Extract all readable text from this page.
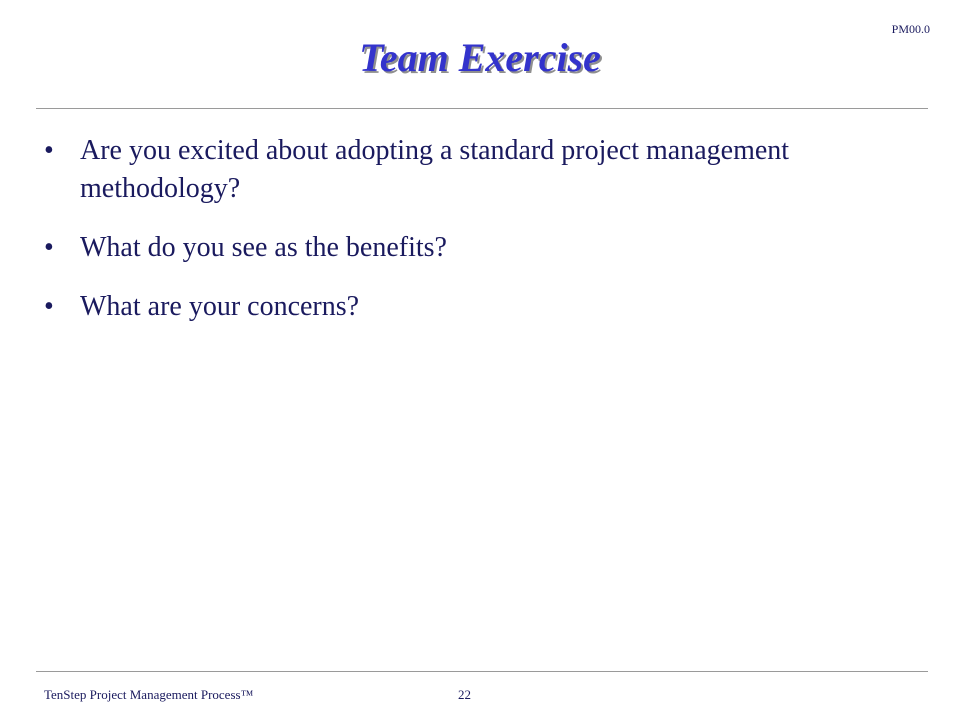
PM00.0
Team Exercise
• Are you excited about adopting a standard project management methodology?
• What do you see as the benefits?
• What are your concerns?
TenStep Project Management Process™	22
